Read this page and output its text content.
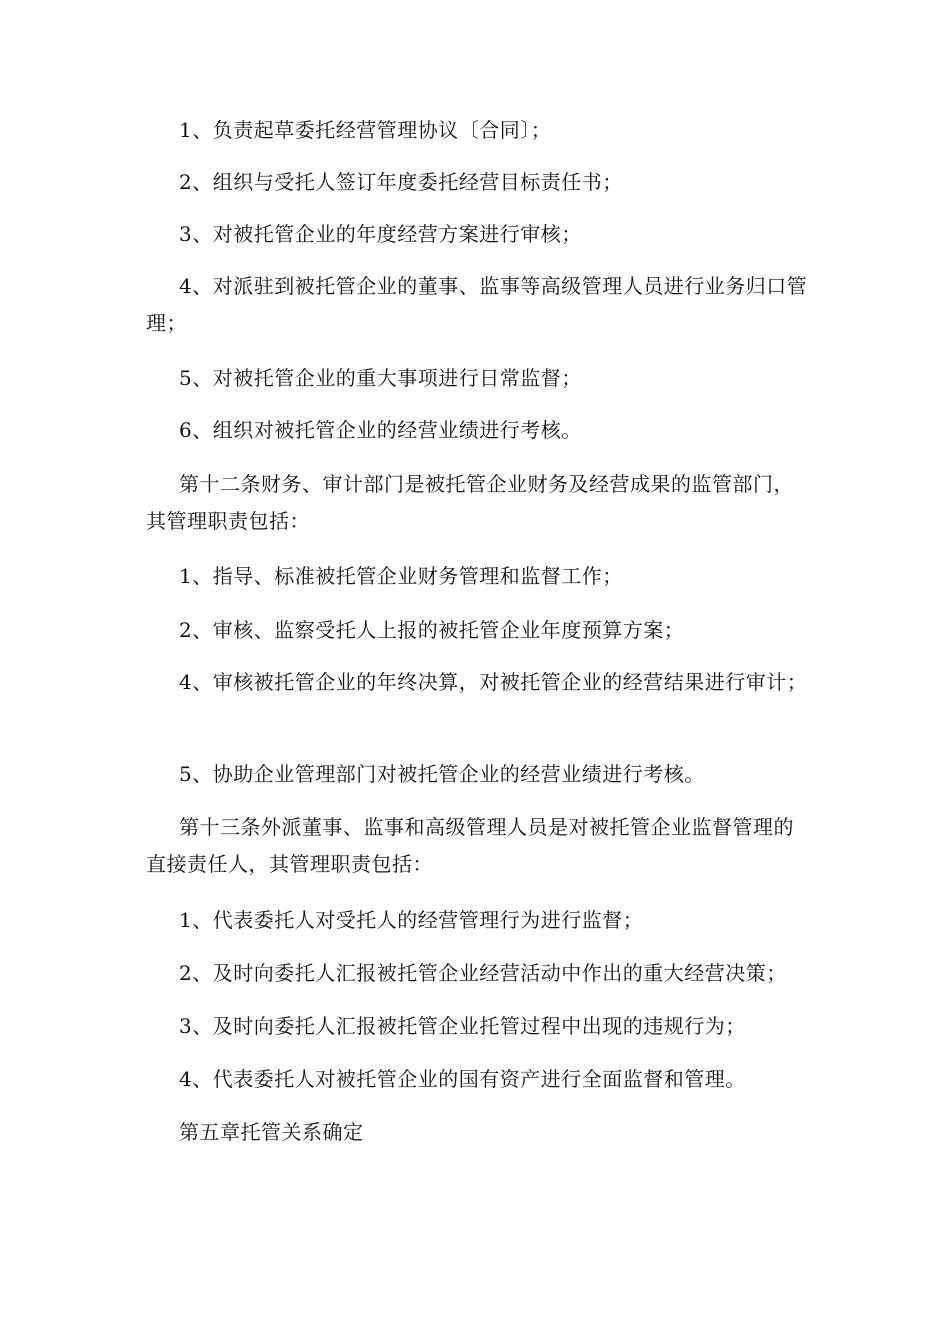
1、负责起草委托经营管理协议〔合同〕；

2、组织与受托人签订年度委托经营目标责任书；

3、对被托管企业的年度经营方案进行审核；

4、对派驻到被托管企业的董事、监事等高级管理人员进行业务归口管理；

5、对被托管企业的重大事项进行日常监督；

6、组织对被托管企业的经营业绩进行考核。

第十二条财务、审计部门是被托管企业财务及经营成果的监管部门，其管理职责包括：

1、指导、标准被托管企业财务管理和监督工作；

2、审核、监察受托人上报的被托管企业年度预算方案；

4、审核被托管企业的年终决算，对被托管企业的经营结果进行审计；

5、协助企业管理部门对被托管企业的经营业绩进行考核。

第十三条外派董事、监事和高级管理人员是对被托管企业监督管理的直接责任人，其管理职责包括：

1、代表委托人对受托人的经营管理行为进行监督；

2、及时向委托人汇报被托管企业经营活动中作出的重大经营决策；

3、及时向委托人汇报被托管企业托管过程中出现的违规行为；

4、代表委托人对被托管企业的国有资产进行全面监督和管理。

第五章托管关系确定
